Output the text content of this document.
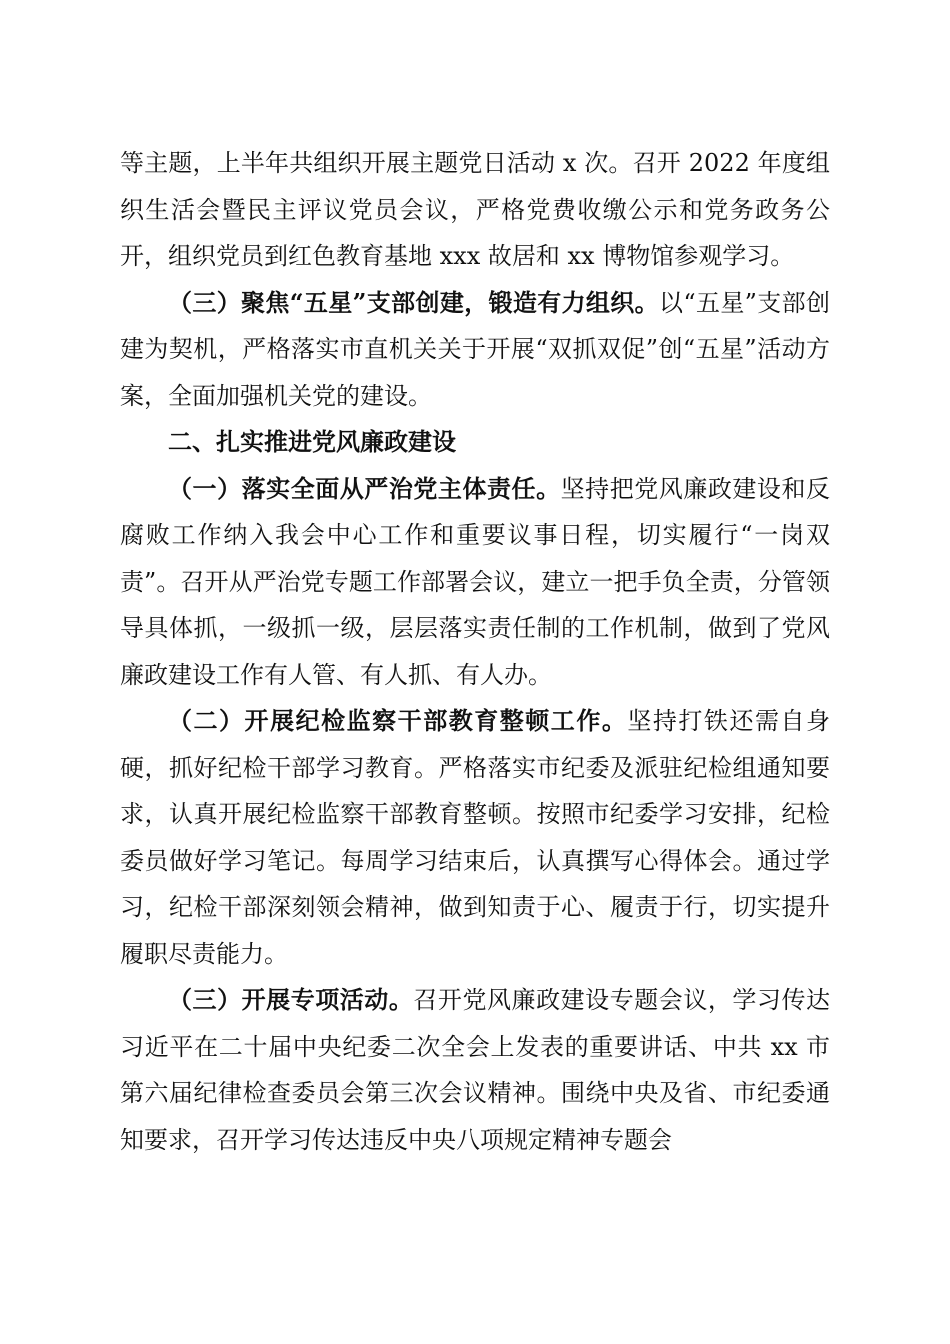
等主题，上半年共组织开展主题党日活动 x 次。召开 2022 年度组织生活会暨民主评议党员会议，严格党费收缴公示和党务政务公开，组织党员到红色教育基地 xxx 故居和 xx 博物馆参观学习。

（三）聚焦“五星”支部创建，锻造有力组织。以“五星”支部创建为契机，严格落实市直机关关于开展“双抓双促”创“五星”活动方案，全面加强机关党的建设。

二、扎实推进党风廉政建设

（一）落实全面从严治党主体责任。坚持把党风廉政建设和反腐败工作纳入我会中心工作和重要议事日程，切实履行“一岗双责”。召开从严治党专题工作部署会议，建立一把手负全责，分管领导具体抓，一级抓一级，层层落实责任制的工作机制，做到了党风廉政建设工作有人管、有人抓、有人办。

（二）开展纪检监察干部教育整顿工作。坚持打铁还需自身硬，抓好纪检干部学习教育。严格落实市纪委及派驻纪检组通知要求，认真开展纪检监察干部教育整顿。按照市纪委学习安排，纪检委员做好学习笔记。每周学习结束后，认真撰写心得体会。通过学习，纪检干部深刻领会精神，做到知责于心、履责于行，切实提升履职尽责能力。

（三）开展专项活动。召开党风廉政建设专题会议，学习传达习近平在二十届中央纪委二次全会上发表的重要讲话、中共 xx 市第六届纪律检查委员会第三次会议精神。围绕中央及省、市纪委通知要求，召开学习传达违反中央八项规定精神专题会
